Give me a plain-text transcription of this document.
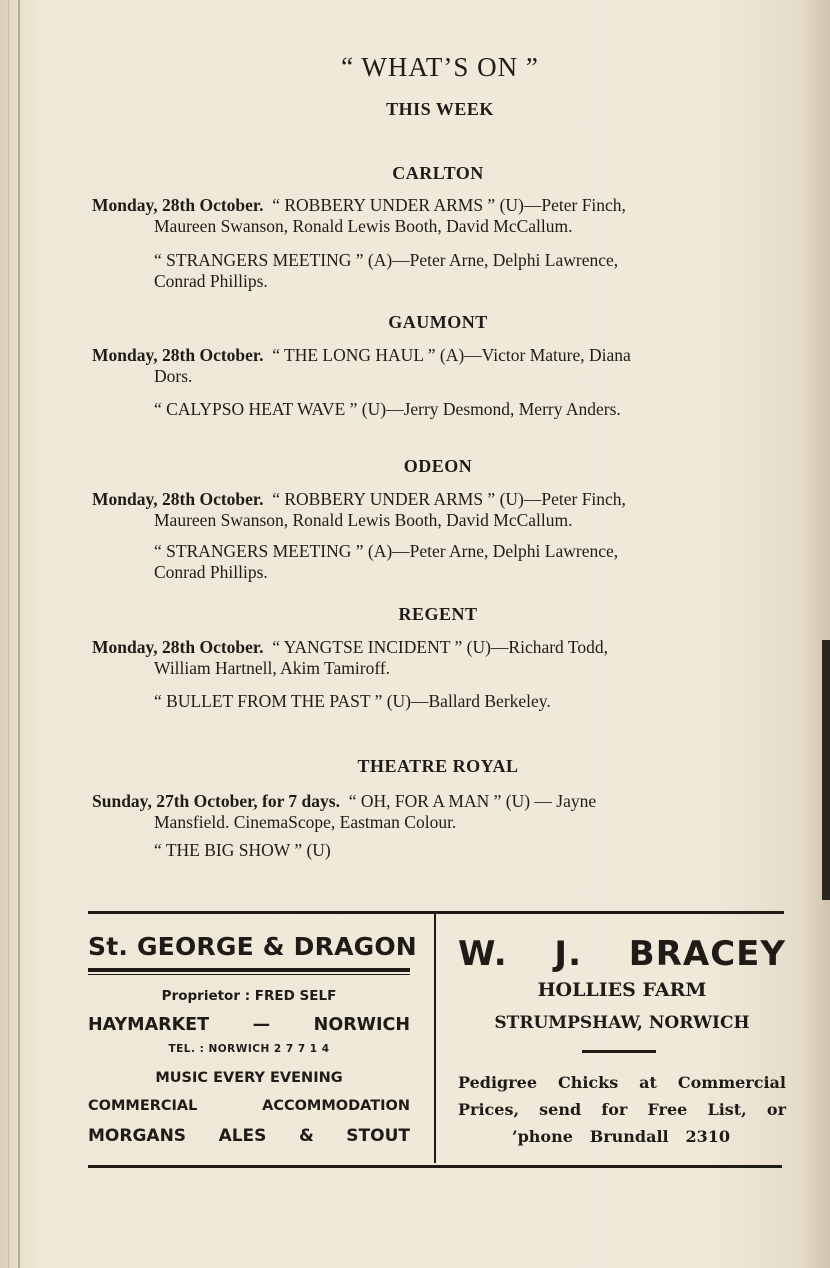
“ WHAT’S ON ”
THIS WEEK
CARLTON
Monday, 28th October. “ ROBBERY UNDER ARMS ” (U)—Peter Finch,
Maureen Swanson, Ronald Lewis Booth, David McCallum.
“ STRANGERS MEETING ” (A)—Peter Arne, Delphi Lawrence,
Conrad Phillips.
GAUMONT
Monday, 28th October. “ THE LONG HAUL ” (A)—Victor Mature, Diana
Dors.
“ CALYPSO HEAT WAVE ” (U)—Jerry Desmond, Merry Anders.
ODEON
Monday, 28th October. “ ROBBERY UNDER ARMS ” (U)—Peter Finch,
Maureen Swanson, Ronald Lewis Booth, David McCallum.
“ STRANGERS MEETING ” (A)—Peter Arne, Delphi Lawrence,
Conrad Phillips.
REGENT
Monday, 28th October. “ YANGTSE INCIDENT ” (U)—Richard Todd,
William Hartnell, Akim Tamiroff.
“ BULLET FROM THE PAST ” (U)—Ballard Berkeley.
THEATRE ROYAL
Sunday, 27th October, for 7 days. “ OH, FOR A MAN ” (U) — Jayne
Mansfield. CinemaScope, Eastman Colour.
“ THE BIG SHOW ” (U)
St. GEORGE & DRAGON
Proprietor : FRED SELF
HAYMARKET — NORWICH
TEL. : NORWICH 2 7 7 1 4
MUSIC EVERY EVENING
COMMERCIAL ACCOMMODATION
MORGANS ALES & STOUT
W. J. BRACEY
HOLLIES FARM
STRUMPSHAW, NORWICH
Pedigree Chicks at Commercial
Prices, send for Free List, or
’phone Brundall 2310
